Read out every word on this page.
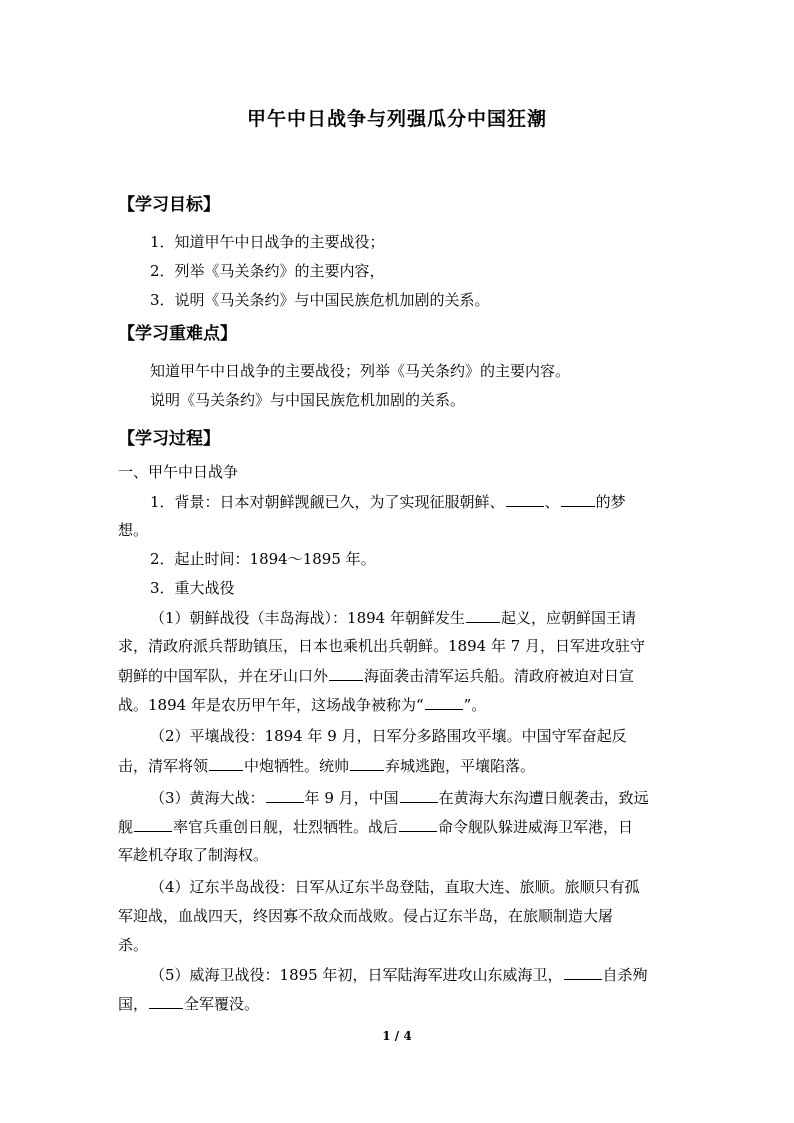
甲午中日战争与列强瓜分中国狂潮
【学习目标】
1．知道甲午中日战争的主要战役；
2．列举《马关条约》的主要内容，
3．说明《马关条约》与中国民族危机加剧的关系。
【学习重难点】
知道甲午中日战争的主要战役；列举《马关条约》的主要内容。
说明《马关条约》与中国民族危机加剧的关系。
【学习过程】
一、甲午中日战争
1．背景：日本对朝鲜觊觎已久，为了实现征服朝鲜、	、 的梦
想。
2．起止时间：1894～1895 年。
3．重大战役
（1）朝鲜战役（丰岛海战）：1894 年朝鲜发生 起义，应朝鲜国王请
求，清政府派兵帮助镇压，日本也乘机出兵朝鲜。1894 年 7 月，日军进攻驻守
朝鲜的中国军队，并在牙山口外 海面袭击清军运兵船。清政府被迫对日宣
战。1894 年是农历甲午年，这场战争被称为“	”。
（2）平壤战役：1894 年 9 月，日军分多路围攻平壤。中国守军奋起反
击，清军将领 中炮牺牲。统帅 弃城逃跑，平壤陷落。
（3）黄海大战：	年 9 月，中国	在黄海大东沟遭日舰袭击，致远
舰	率官兵重创日舰，壮烈牺牲。战后	命令舰队躲进威海卫军港，日
军趁机夺取了制海权。
（4）辽东半岛战役：日军从辽东半岛登陆，直取大连、旅顺。旅顺只有孤
军迎战，血战四天，终因寡不敌众而战败。侵占辽东半岛，在旅顺制造大屠
杀。
（5）威海卫战役：1895 年初，日军陆海军进攻山东威海卫，	自杀殉
国， 全军覆没。
1 / 4
